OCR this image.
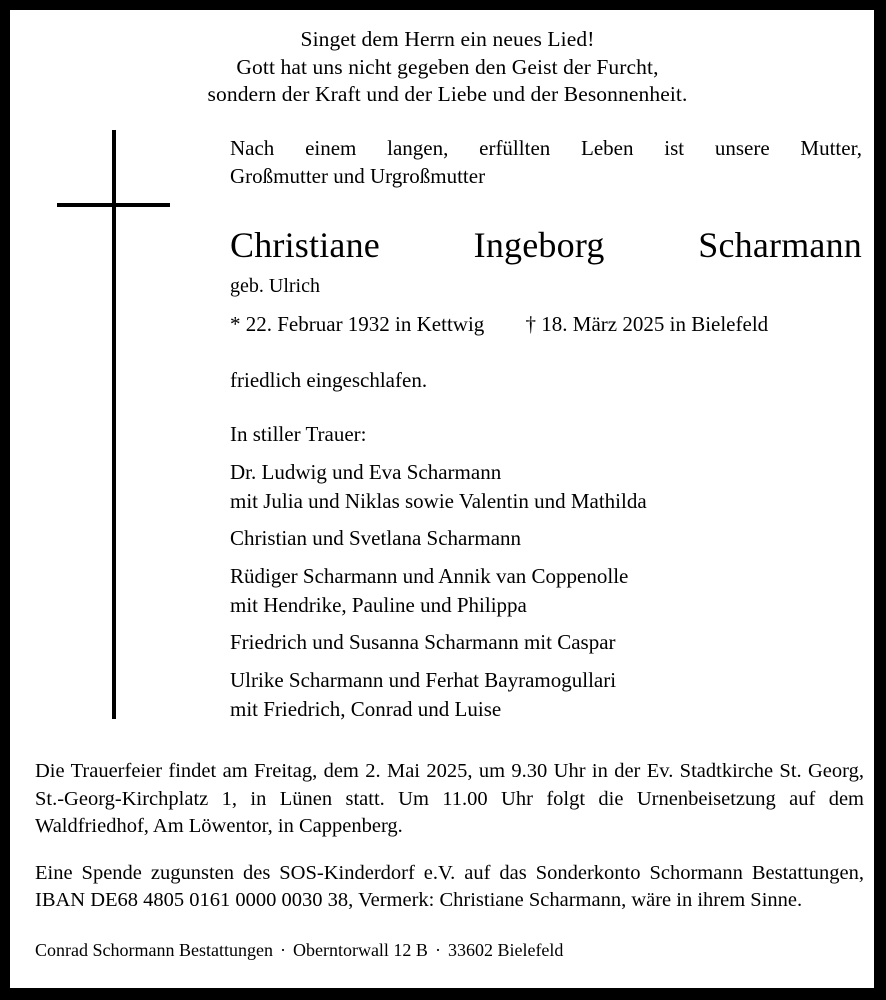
Singet dem Herrn ein neues Lied!
Gott hat uns nicht gegeben den Geist der Furcht,
sondern der Kraft und der Liebe und der Besonnenheit.
Nach einem langen, erfüllten Leben ist unsere Mutter,
Großmutter und Urgroßmutter
Christiane Ingeborg Scharmann
geb. Ulrich
* 22. Februar 1932 in Kettwig † 18. März 2025 in Bielefeld
friedlich eingeschlafen.
In stiller Trauer:
Dr. Ludwig und Eva Scharmann
mit Julia und Niklas sowie Valentin und Mathilda
Christian und Svetlana Scharmann
Rüdiger Scharmann und Annik van Coppenolle
mit Hendrike, Pauline und Philippa
Friedrich und Susanna Scharmann mit Caspar
Ulrike Scharmann und Ferhat Bayramogullari
mit Friedrich, Conrad und Luise

Die Trauerfeier findet am Freitag, dem 2. Mai 2025, um 9.30 Uhr in der Ev. Stadtkirche St. Georg, St.-Georg-Kirchplatz 1, in Lünen statt. Um 11.00 Uhr folgt die Urnenbeisetzung auf dem Waldfriedhof, Am Löwentor, in Cappenberg.

Eine Spende zugunsten des SOS-Kinderdorf e.V. auf das Sonderkonto Schormann Bestattungen, IBAN DE68 4805 0161 0000 0030 38, Vermerk: Christiane Scharmann, wäre in ihrem Sinne.

Conrad Schormann Bestattungen · Oberntorwall 12 B · 33602 Bielefeld
